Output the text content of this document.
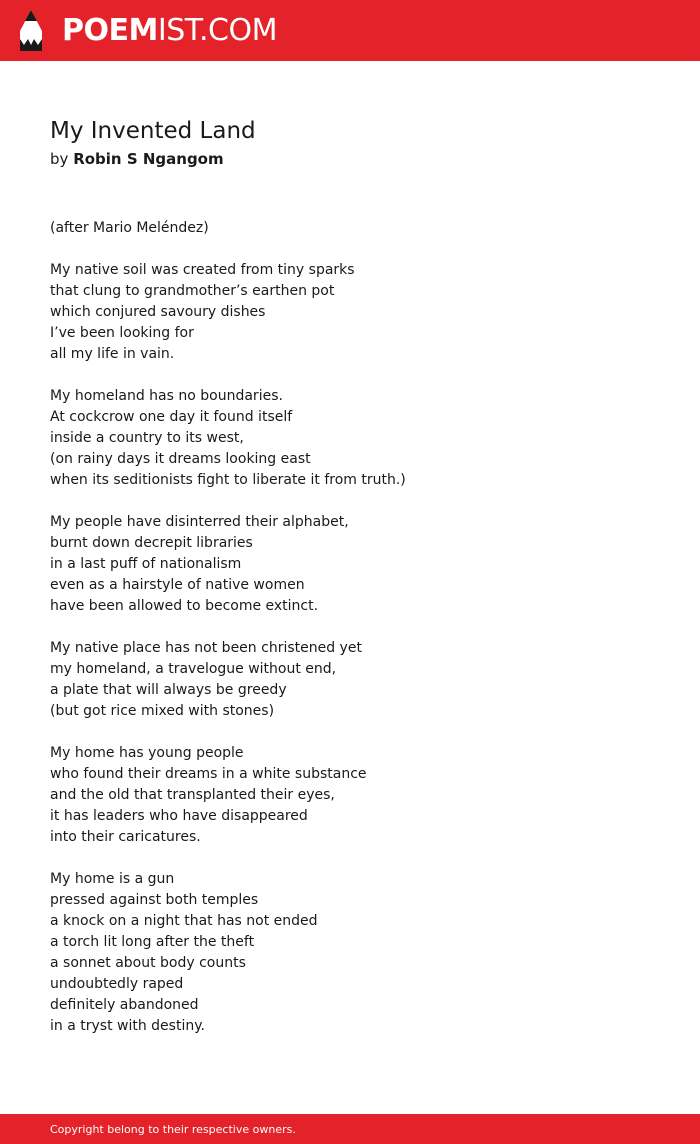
POEMIST.COM
My Invented Land
by Robin S Ngangom
(after Mario Meléndez)
My native soil was created from tiny sparks
that clung to grandmother’s earthen pot
which conjured savoury dishes
I’ve been looking for
all my life in vain.
My homeland has no boundaries.
At cockcrow one day it found itself
inside a country to its west,
(on rainy days it dreams looking east
when its seditionists fight to liberate it from truth.)
My people have disinterred their alphabet,
burnt down decrepit libraries
in a last puff of nationalism
even as a hairstyle of native women
have been allowed to become extinct.
My native place has not been christened yet
my homeland, a travelogue without end,
a plate that will always be greedy
(but got rice mixed with stones)
My home has young people
who found their dreams in a white substance
and the old that transplanted their eyes,
it has leaders who have disappeared
into their caricatures.
My home is a gun
pressed against both temples
a knock on a night that has not ended
a torch lit long after the theft
a sonnet about body counts
undoubtedly raped
definitely abandoned
in a tryst with destiny.
Copyright belong to their respective owners.
